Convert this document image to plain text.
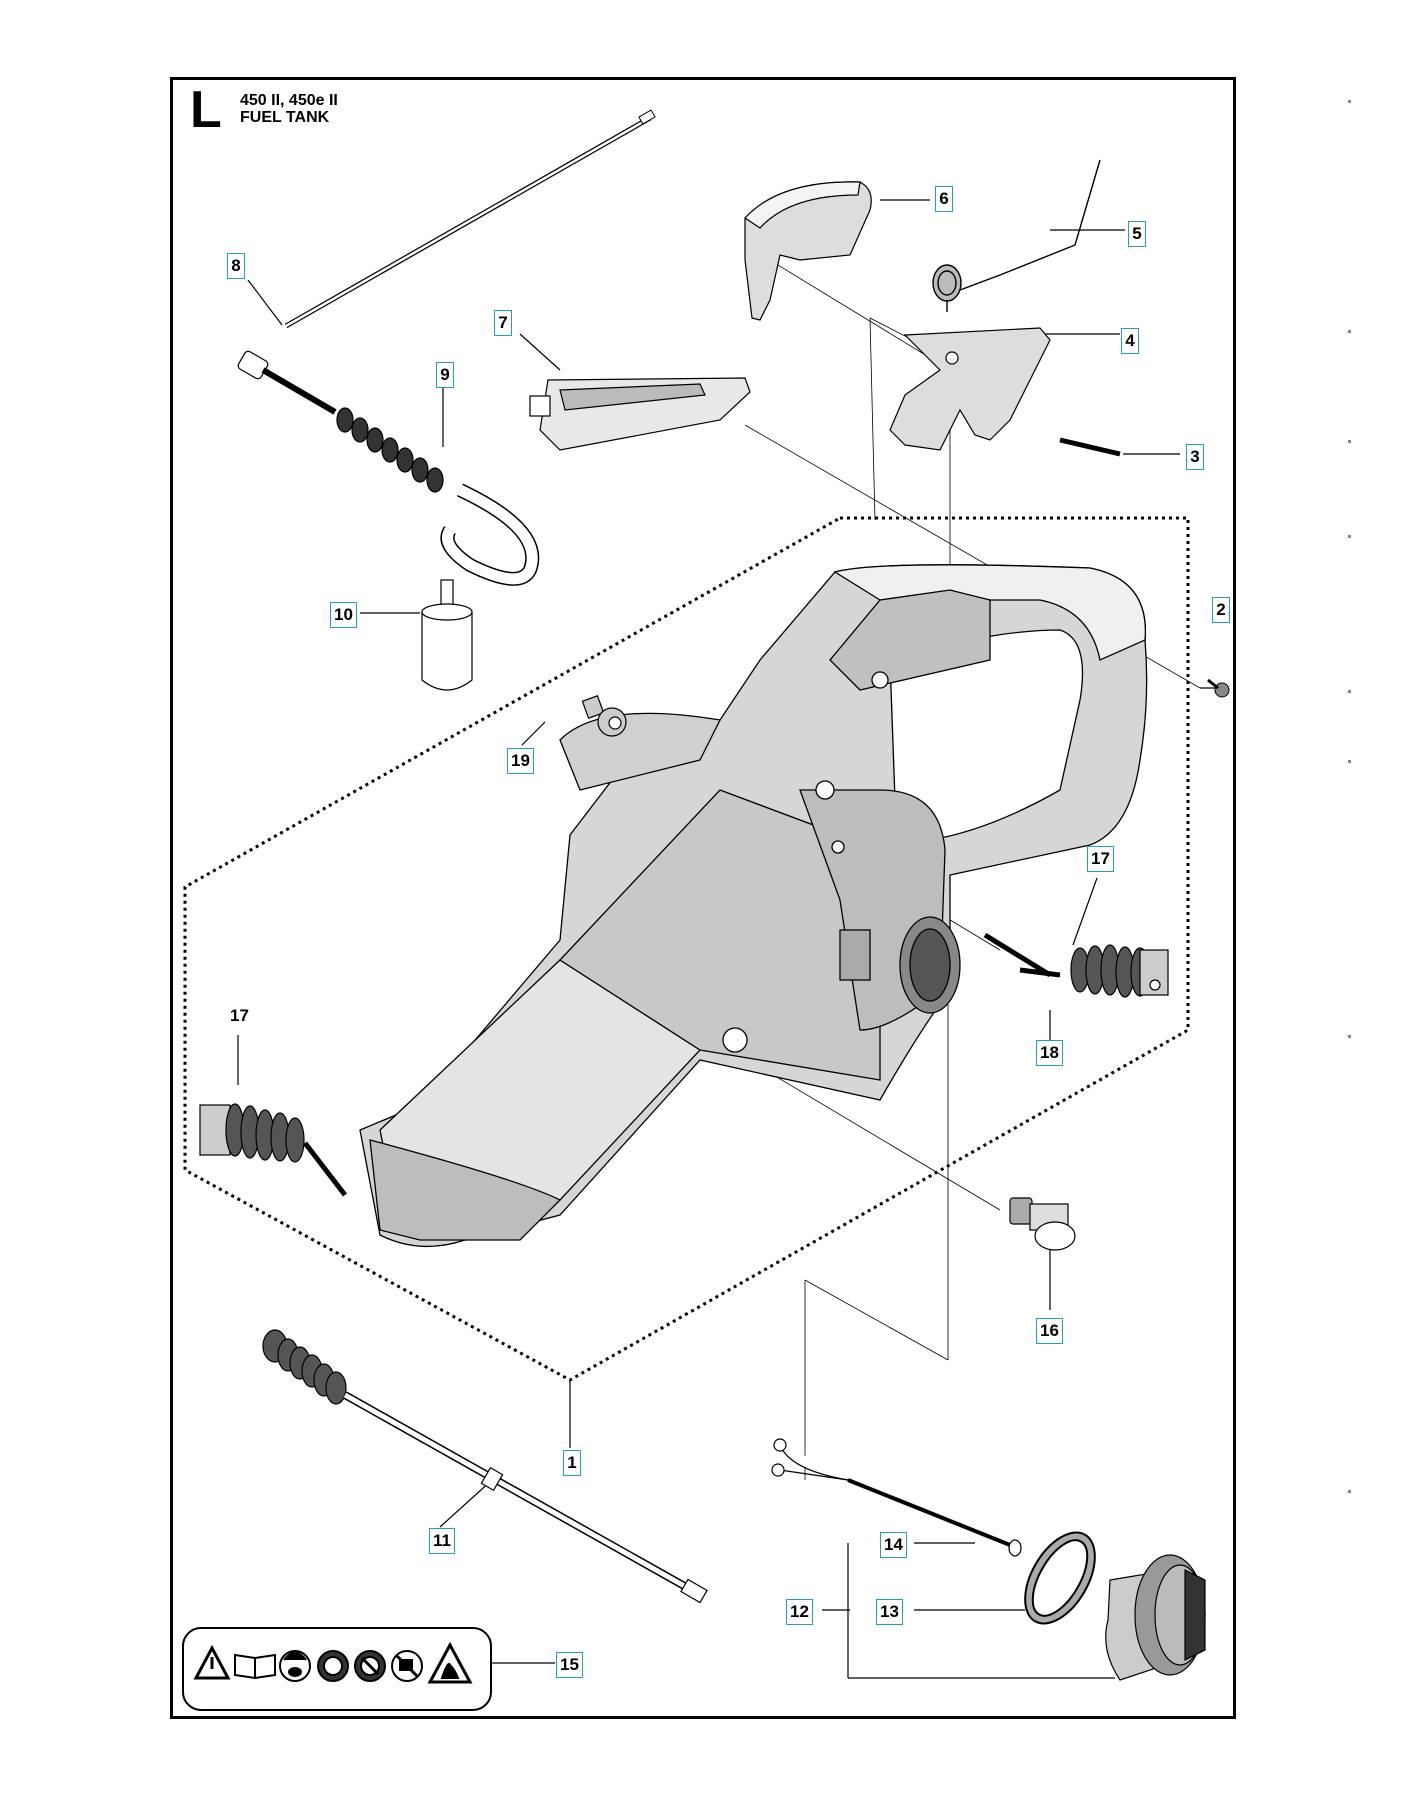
L 450 II, 450e II
FUEL TANK
1
2
3
4
5
6
7
8
9
10
11
12	13
14
15
16
17
17
18
19
